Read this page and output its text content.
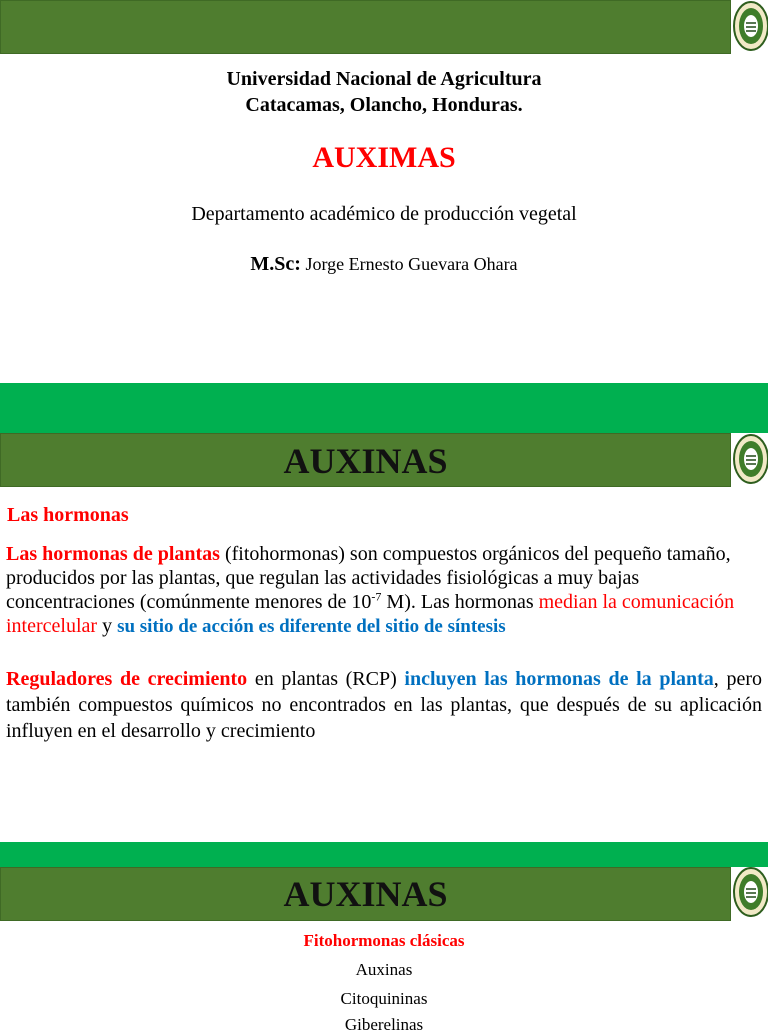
Universidad Nacional de Agricultura
Catacamas, Olancho, Honduras.
AUXIMAS
Departamento académico de producción vegetal
M.Sc: Jorge Ernesto Guevara Ohara
AUXINAS
Las hormonas
Las hormonas de plantas (fitohormonas) son compuestos orgánicos del pequeño tamaño, producidos por las plantas, que regulan las actividades fisiológicas a muy bajas concentraciones (comúnmente menores de $10^{-7}$ M). Las hormonas median la comunicación intercelular y su sitio de acción es diferente del sitio de síntesis
Reguladores de crecimiento en plantas (RCP) incluyen las hormonas de la planta, pero también compuestos químicos no encontrados en las plantas, que después de su aplicación influyen en el desarrollo y crecimiento
AUXINAS
Fitohormonas clásicas
Auxinas
Citoquininas
Giberelinas
